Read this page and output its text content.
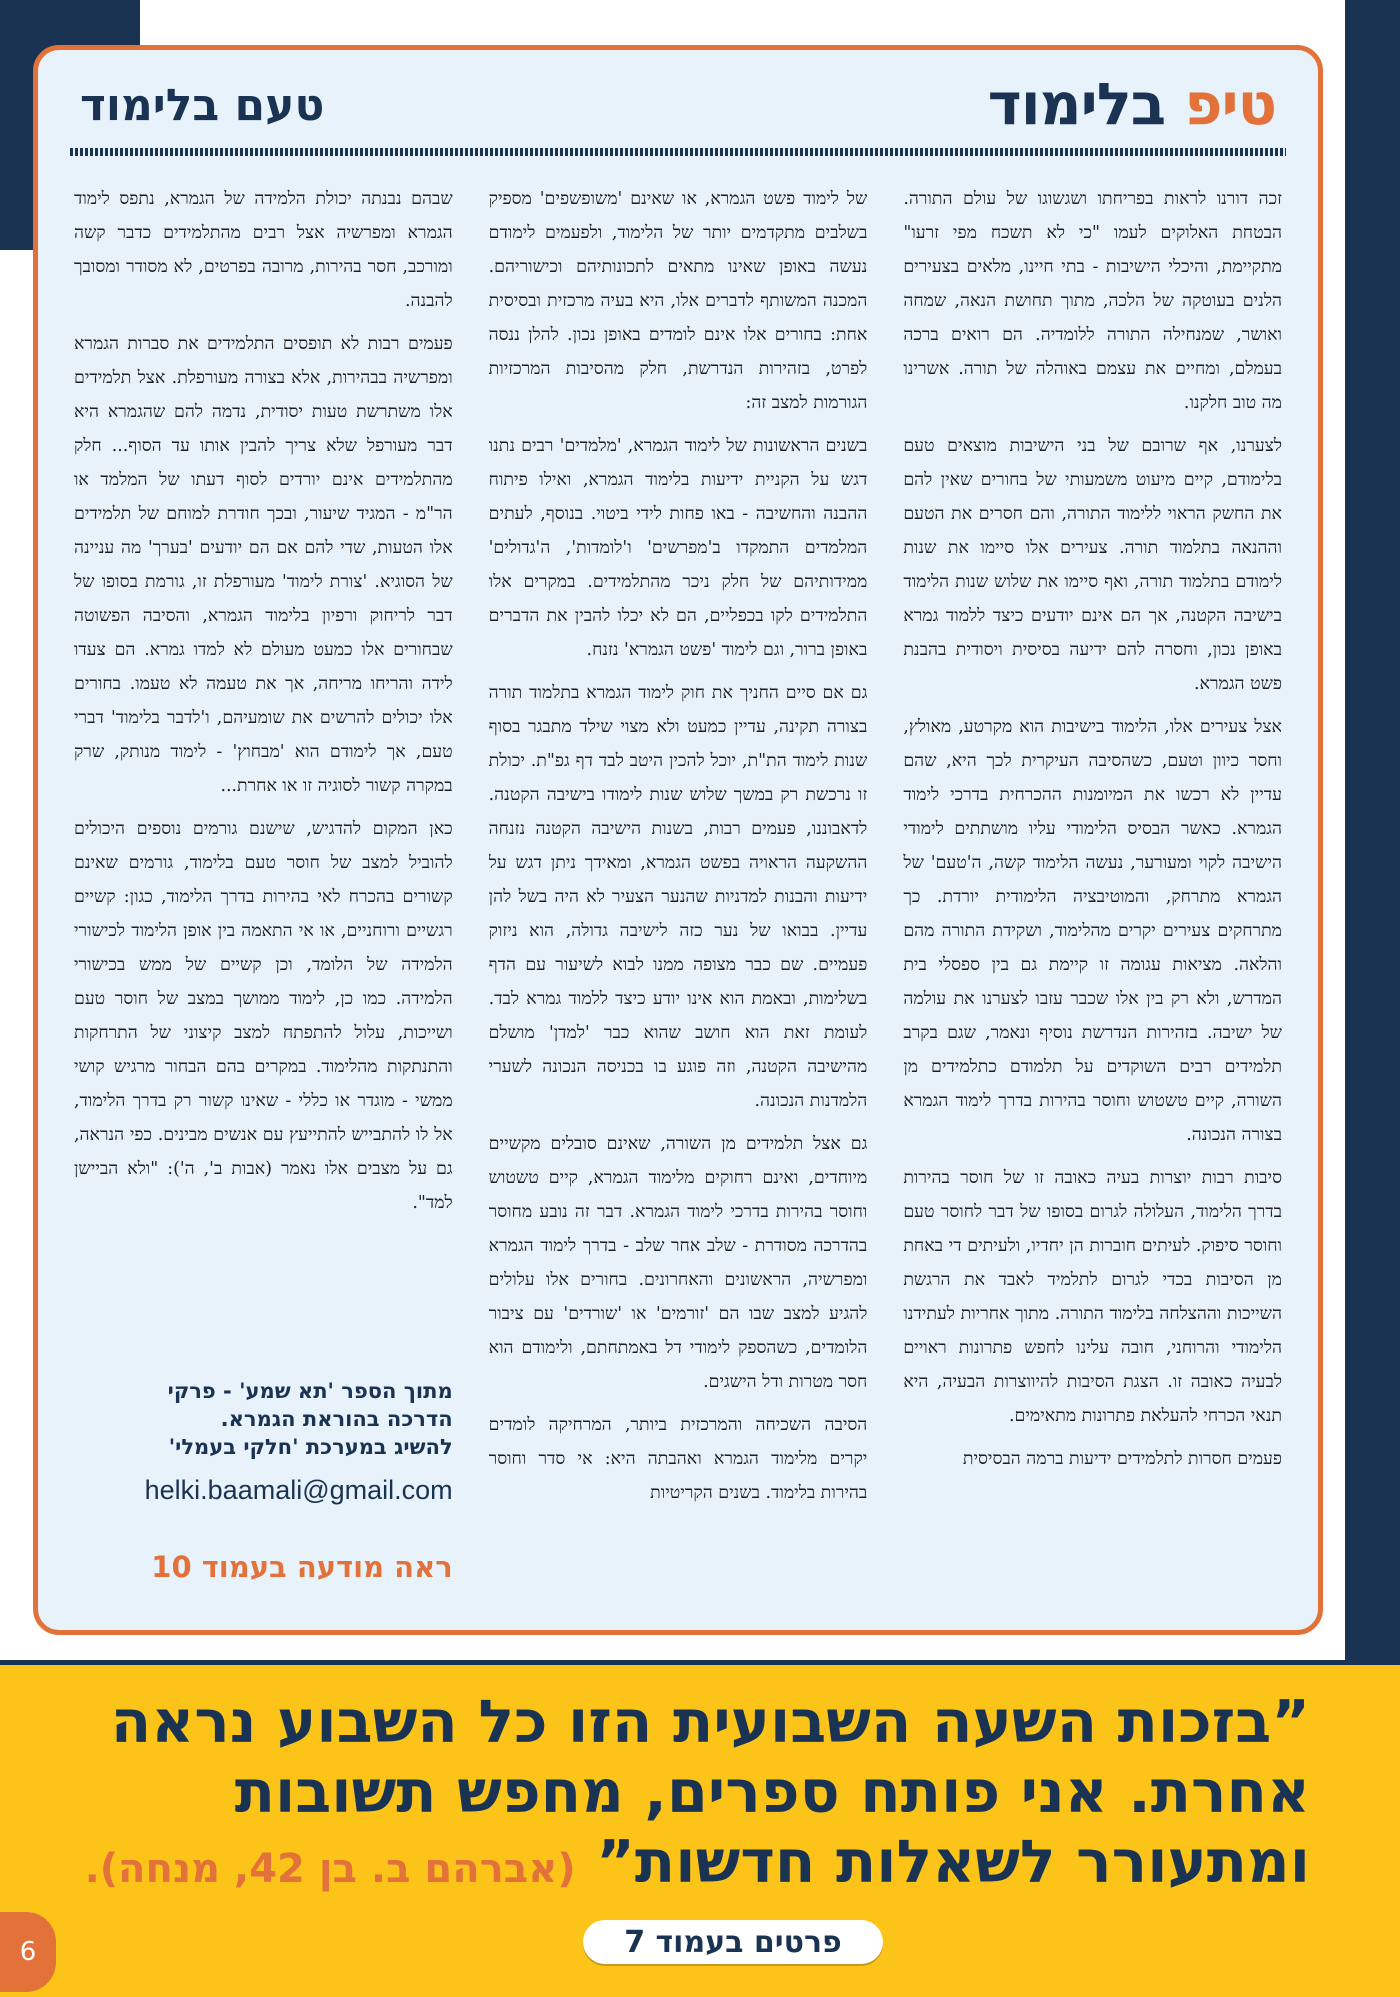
טיפ בלימוד
טעם בלימוד

זכה דורנו לראות בפריחתו ושגשוגו של עולם התורה. הבטחת האלוקים לעמו "כי לא תשכח מפי זרעו" מתקיימת, והיכלי הישיבות - בתי חיינו, מלאים בצעירים הלנים בעוטקה של הלכה, מתוך תחושת הנאה, שמחה ואושר, שמנחילה התורה ללומדיה. הם רואים ברכה בעמלם, ומחיים את עצמם באוהלה של תורה. אשרינו מה טוב חלקנו.

לצערנו, אף שרובם של בני הישיבות מוצאים טעם בלימודם, קיים מיעוט משמעותי של בחורים שאין להם את החשק הראוי ללימוד התורה, והם חסרים את הטעם וההנאה בתלמוד תורה. צעירים אלו סיימו את שנות לימודם בתלמוד תורה, ואף סיימו את שלוש שנות הלימוד בישיבה הקטנה, אך הם אינם יודעים כיצד ללמוד גמרא באופן נכון, וחסרה להם ידיעה בסיסית ויסודית בהבנת פשט הגמרא.

אצל צעירים אלו, הלימוד בישיבות הוא מקרטע, מאולץ, וחסר כיוון וטעם, כשהסיבה העיקרית לכך היא, שהם עדיין לא רכשו את המיומנות ההכרחית בדרכי לימוד הגמרא. כאשר הבסיס הלימודי עליו מושתתים לימודי הישיבה לקוי ומעורער, נעשה הלימוד קשה, ה'טעם' של הגמרא מתרחק, והמוטיבציה הלימודית יורדת. כך מתרחקים צעירים יקרים מהלימוד, ושקידת התורה מהם והלאה. מציאות עגומה זו קיימת גם בין ספסלי בית המדרש, ולא רק בין אלו שכבר עזבו לצערנו את עולמה של ישיבה. בזהירות הנדרשת נוסיף ונאמר, שגם בקרב תלמידים רבים השוקדים על תלמודם כתלמידים מן השורה, קיים טשטוש וחוסר בהירות בדרך לימוד הגמרא בצורה הנכונה.

סיבות רבות יוצרות בעיה כאובה זו של חוסר בהירות בדרך הלימוד, העלולה לגרום בסופו של דבר לחוסר טעם וחוסר סיפוק. לעיתים חוברות הן יחדיו, ולעיתים די באחת מן הסיבות בכדי לגרום לתלמיד לאבד את הרגשת השייכות וההצלחה בלימוד התורה. מתוך אחריות לעתידנו הלימודי והרוחני, חובה עלינו לחפש פתרונות ראויים לבעיה כאובה זו. הצגת הסיבות להיווצרות הבעיה, היא תנאי הכרחי להעלאת פתרונות מתאימים.

פעמים חסרות לתלמידים ידיעות ברמה הבסיסית

של לימוד פשט הגמרא, או שאינם 'משופשפים' מספיק בשלבים מתקדמים יותר של הלימוד, ולפעמים לימודם נעשה באופן שאינו מתאים לתכונותיהם וכישוריהם. המכנה המשותף לדברים אלו, היא בעיה מרכזית ובסיסית אחת: בחורים אלו אינם לומדים באופן נכון. להלן ננסה לפרט, בזהירות הנדרשת, חלק מהסיבות המרכזיות הגורמות למצב זה:

בשנים הראשונות של לימוד הגמרא, 'מלמדים' רבים נתנו דגש על הקניית ידיעות בלימוד הגמרא, ואילו פיתוח ההבנה והחשיבה - באו פחות לידי ביטוי. בנוסף, לעתים המלמדים התמקדו ב'מפרשים' ו'לומדות', ה'גדולים' ממידותיהם של חלק ניכר מהתלמידים. במקרים אלו התלמידים לקו בכפליים, הם לא יכלו להבין את הדברים באופן ברור, וגם לימוד 'פשט הגמרא' נזנח.

גם אם סיים החניך את חוק לימוד הגמרא בתלמוד תורה בצורה תקינה, עדיין כמעט ולא מצוי שילד מתבגר בסוף שנות לימוד הת"ת, יוכל להכין היטב לבד דף גפ"ת. יכולת זו נרכשת רק במשך שלוש שנות לימודו בישיבה הקטנה. לדאבוננו, פעמים רבות, בשנות הישיבה הקטנה נזנחה ההשקעה הראויה בפשט הגמרא, ומאידך ניתן דגש על ידיעות והבנות למדניות שהנער הצעיר לא היה בשל להן עדיין. בבואו של נער כזה לישיבה גדולה, הוא ניזוק פעמיים. שם כבר מצופה ממנו לבוא לשיעור עם הדף בשלימות, ובאמת הוא אינו יודע כיצד ללמוד גמרא לבד. לעומת זאת הוא חושב שהוא כבר 'למדן' מושלם מהישיבה הקטנה, וזה פוגע בו בכניסה הנכונה לשערי הלמדנות הנכונה.

גם אצל תלמידים מן השורה, שאינם סובלים מקשיים מיוחדים, ואינם רחוקים מלימוד הגמרא, קיים טשטוש וחוסר בהירות בדרכי לימוד הגמרא. דבר זה נובע מחוסר בהדרכה מסודרת - שלב אחר שלב - בדרך לימוד הגמרא ומפרשיה, הראשונים והאחרונים. בחורים אלו עלולים להגיע למצב שבו הם 'זורמים' או 'שורדים' עם ציבור הלומדים, כשהספק לימודי דל באמתחתם, ולימודם הוא חסר מטרות ודל הישגים.

הסיבה השכיחה והמרכזית ביותר, המרחיקה לומדים יקרים מלימוד הגמרא ואהבתה היא: אי סדר וחוסר בהירות בלימוד. בשנים הקריטיות

שבהם נבנתה יכולת הלמידה של הגמרא, נתפס לימוד הגמרא ומפרשיה אצל רבים מהתלמידים כדבר קשה ומורכב, חסר בהירות, מרובה בפרטים, לא מסודר ומסובך להבנה.

פעמים רבות לא תופסים התלמידים את סברות הגמרא ומפרשיה בבהירות, אלא בצורה מעורפלת. אצל תלמידים אלו משתרשת טעות יסודית, נדמה להם שהגמרא היא דבר מעורפל שלא צריך להבין אותו עד הסוף... חלק מהתלמידים אינם יורדים לסוף דעתו של המלמד או הר"מ - המגיד שיעור, ובכך חודרת למוחם של תלמידים אלו הטעות, שדי להם אם הם יודעים 'בערך' מה עניינה של הסוגיא. 'צורת לימוד' מעורפלת זו, גורמת בסופו של דבר לריחוק ורפיון בלימוד הגמרא, והסיבה הפשוטה שבחורים אלו כמעט מעולם לא למדו גמרא. הם צעדו לידה והריחו מריחה, אך את טעמה לא טעמו. בחורים אלו יכולים להרשים את שומעיהם, ו'לדבר בלימוד' דברי טעם, אך לימודם הוא 'מבחוץ' - לימוד מנותק, שרק במקרה קשור לסוגיה זו או אחרת...

כאן המקום להדגיש, שישנם גורמים נוספים היכולים להוביל למצב של חוסר טעם בלימוד, גורמים שאינם קשורים בהכרח לאי בהירות בדרך הלימוד, כגון: קשיים רגשיים ורוחניים, או אי התאמה בין אופן הלימוד לכישורי הלמידה של הלומד, וכן קשיים של ממש בכישורי הלמידה. כמו כן, לימוד ממושך במצב של חוסר טעם ושייכות, עלול להתפתח למצב קיצוני של התרחקות והתנתקות מהלימוד. במקרים בהם הבחור מרגיש קושי ממשי - מוגדר או כללי - שאינו קשור רק בדרך הלימוד, אל לו להתבייש להתייעץ עם אנשים מבינים. כפי הנראה, גם על מצבים אלו נאמר (אבות ב', ה'): "ולא הביישן למד".

מתוך הספר 'תא שמע' - פרקי
הדרכה בהוראת הגמרא.
להשיג במערכת 'חלקי בעמלי'
helki.baamali@gmail.com
ראה מודעה בעמוד 10
”בזכות השעה השבועית הזו כל השבוע נראה אחרת. אני פותח ספרים, מחפש תשובות ומתעורר לשאלות חדשות” (אברהם ב. בן 42, מנחה).
פרטים בעמוד 7
6
